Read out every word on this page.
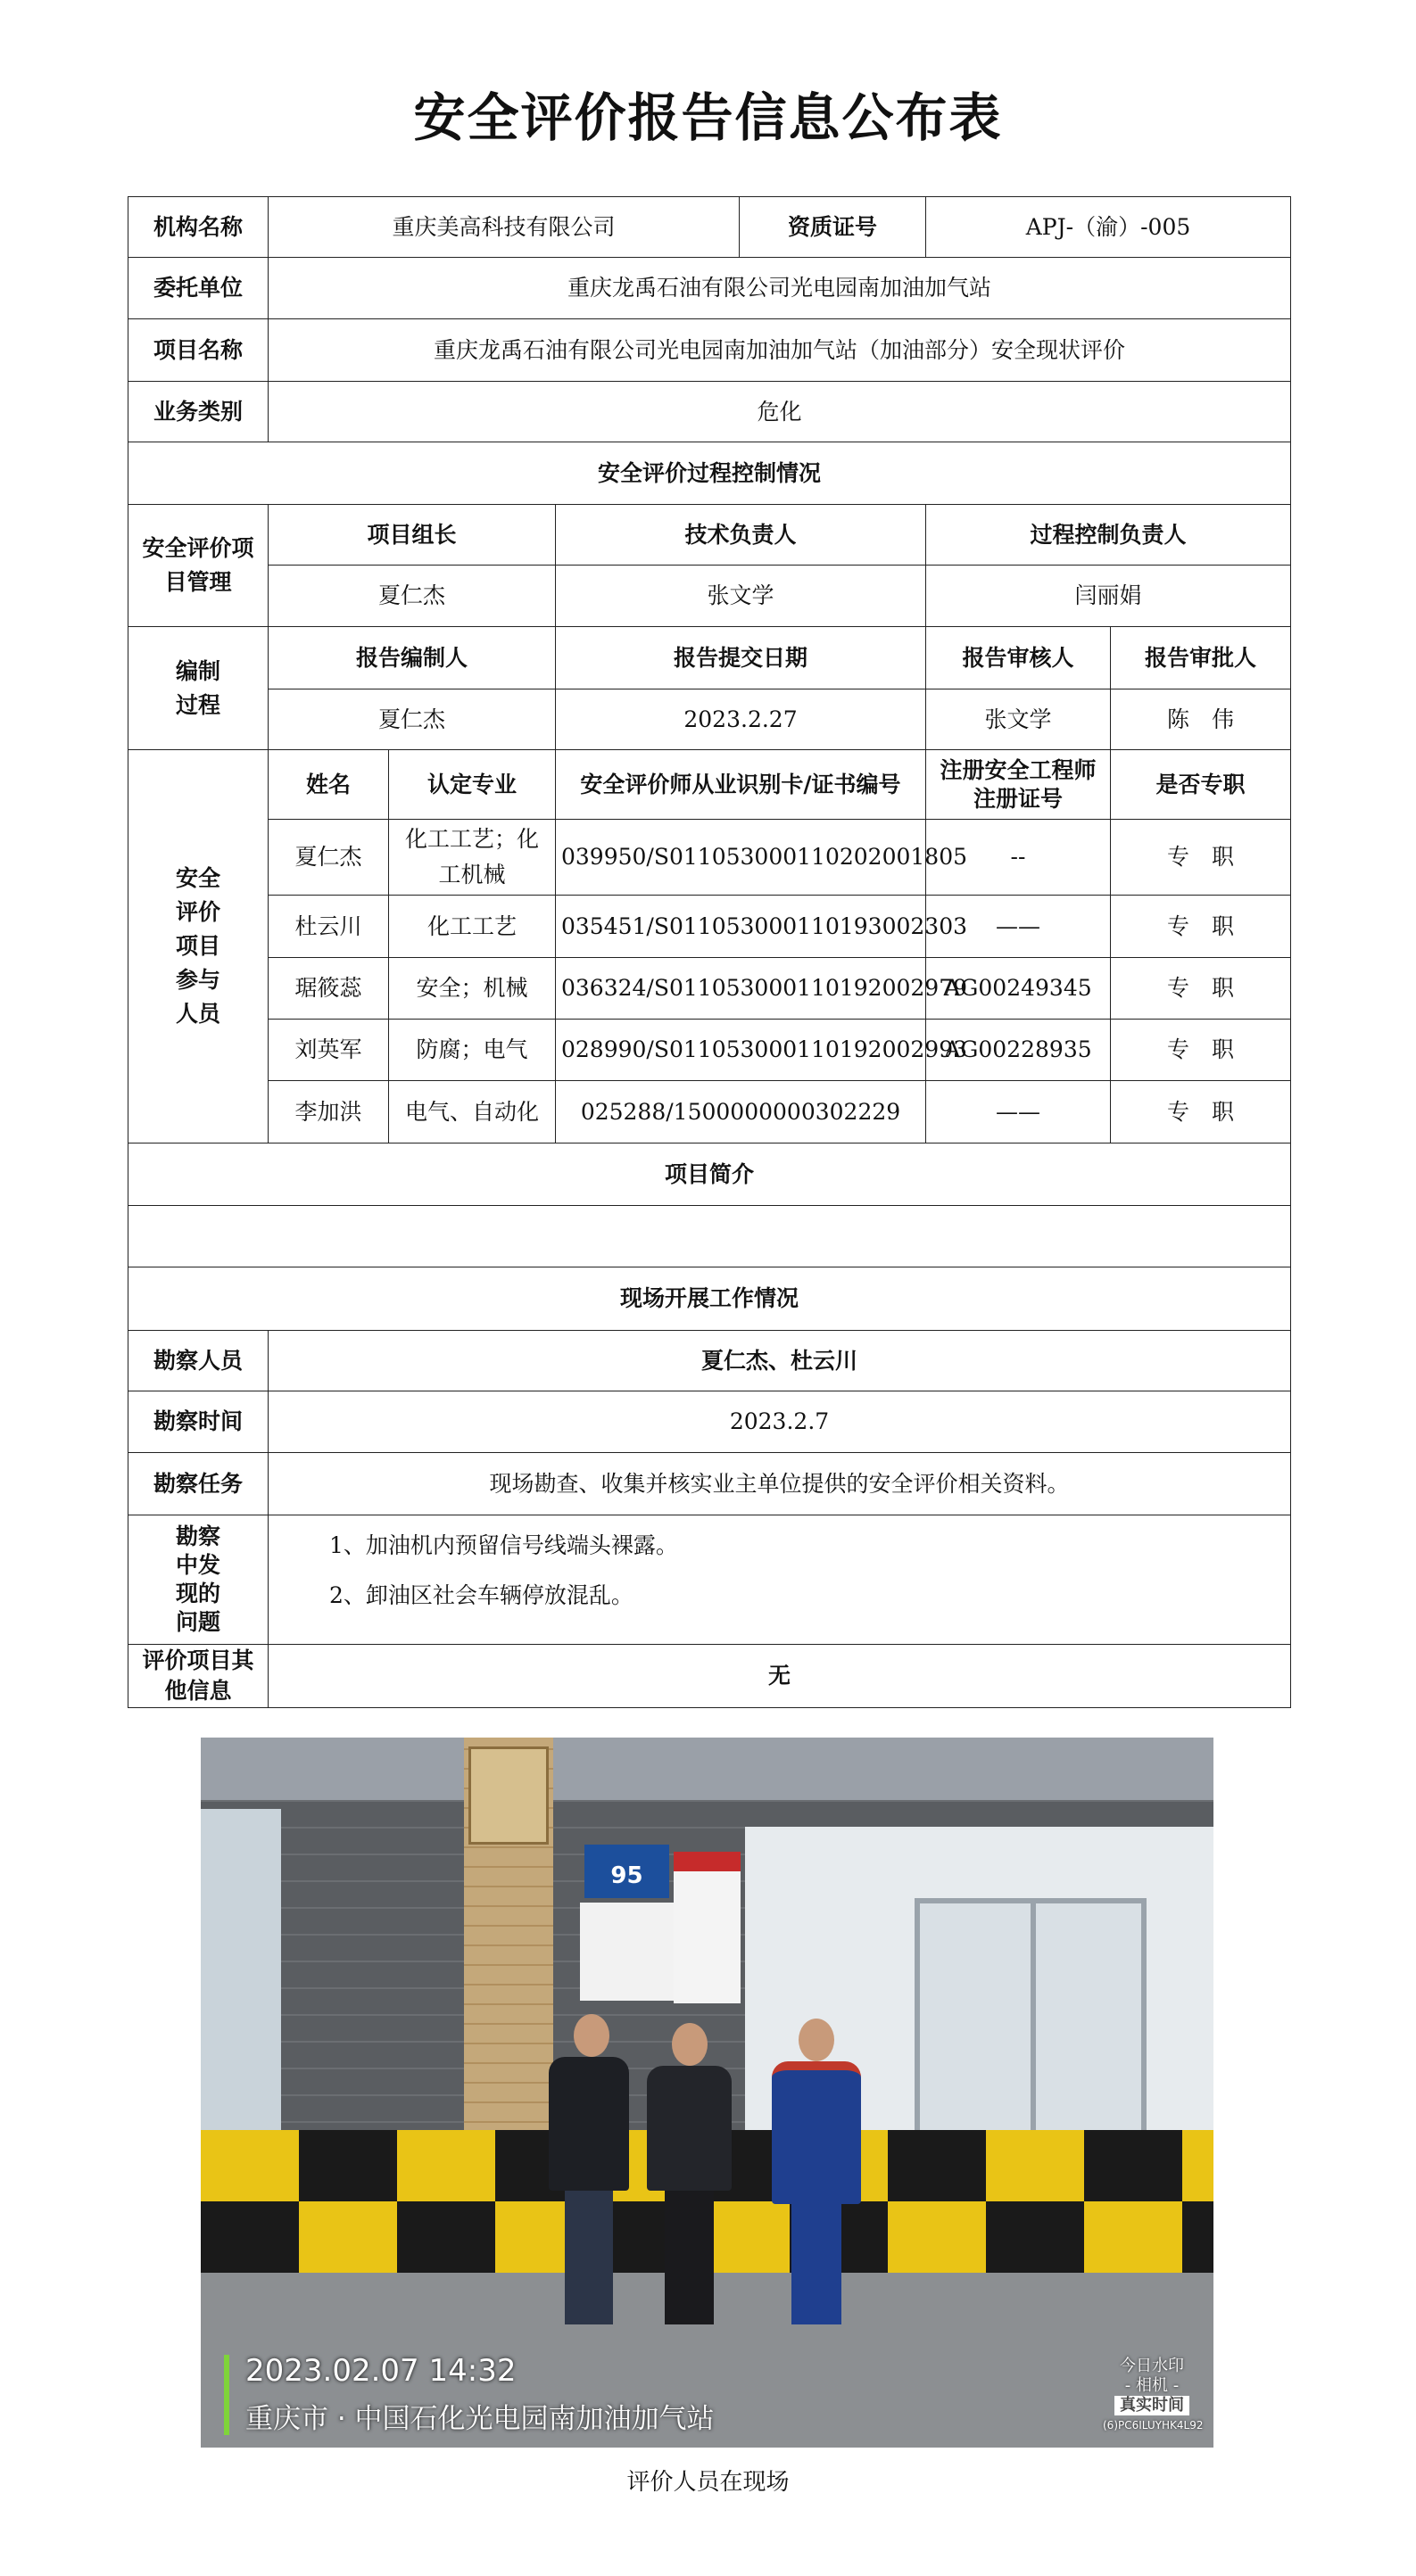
安全评价报告信息公布表
机构名称	重庆美高科技有限公司			资质证号	APJ-（渝）-005	
委托单位	重庆龙禹石油有限公司光电园南加油加气站					
项目名称	重庆龙禹石油有限公司光电园南加油加气站（加油部分）安全现状评价					
业务类别	危化					
安全评价过程控制情况						
安全评价项目管理	项目组长		技术负责人		过程控制负责人	
	夏仁杰		张文学		闫丽娟	
编制过程	报告编制人		报告提交日期		报告审核人	报告审批人
	夏仁杰		2023.2.27		张文学	陈　伟
安全评价项目参与人员	姓名	认定专业	安全评价师从业识别卡/证书编号		注册安全工程师注册证号	是否专职
	夏仁杰	化工工艺；化工机械	039950/S011053000110202001805		--	专　职
	杜云川	化工工艺	035451/S011053000110193002303		——	专　职
	琚筱蕊	安全；机械	036324/S011053000110192002979		AG00249345	专　职
	刘英军	防腐；电气	028990/S011053000110192002993		AG00228935	专　职
	李加洪	电气、自动化	025288/1500000000302229		——	专　职
项目简介						

现场开展工作情况						
勘察人员	夏仁杰、杜云川					
勘察时间	2023.2.7					
勘察任务	现场勘查、收集并核实业主单位提供的安全评价相关资料。					
勘察中发现的问题	1、加油机内预留信号线端头裸露。
2、卸油区社会车辆停放混乱。					

评价项目其他信息	无					
95
2023.02.07 14:32
重庆市 · 中国石化光电园南加油加气站
今日水印
- 相机 -
真实时间
(6)PC6ILUYHK4L92
评价人员在现场
